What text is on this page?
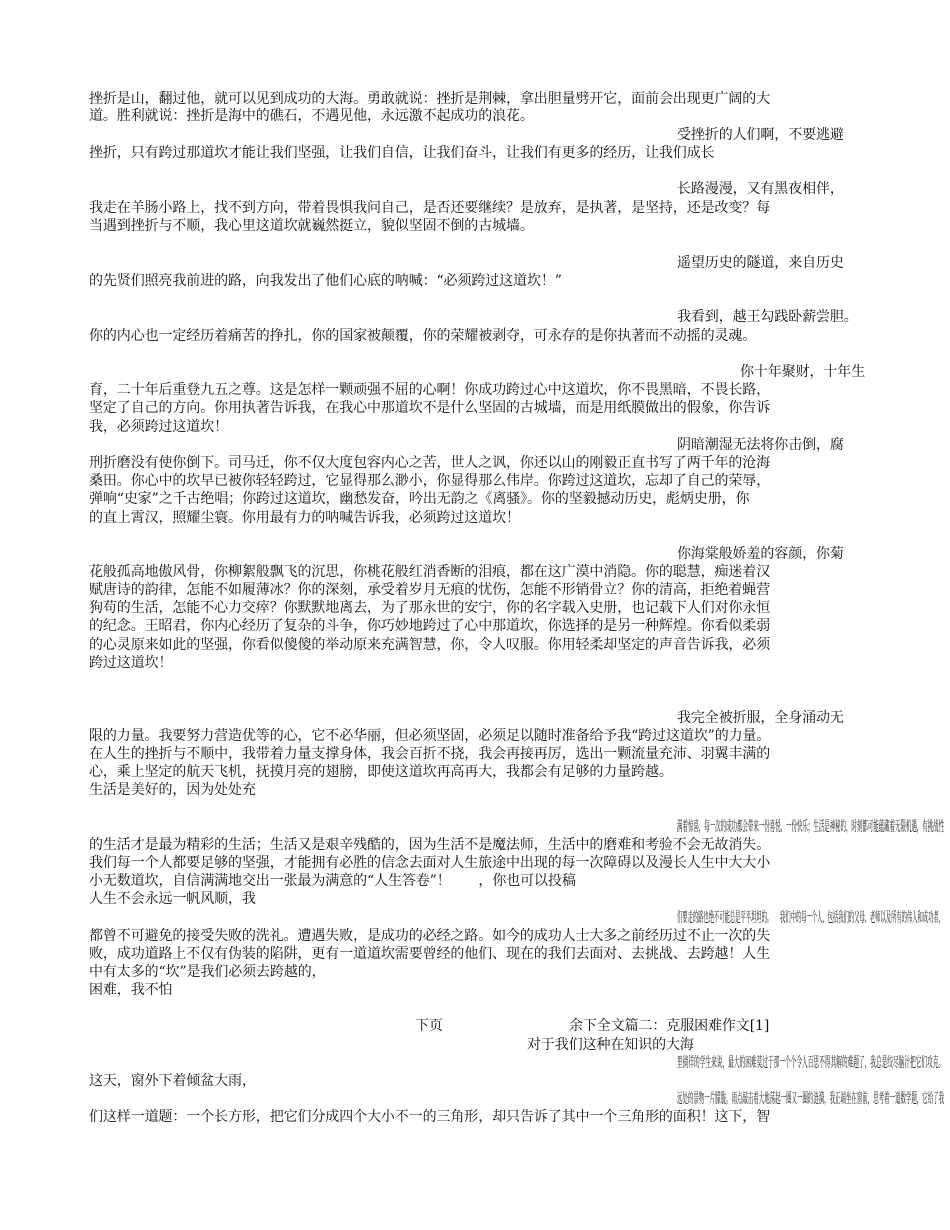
挫折是山，翻过他，就可以见到成功的大海。勇敢就说：挫折是荆棘，拿出胆量劈开它，面前会出现更广阔的大
道。胜利就说：挫折是海中的礁石，不遇见他，永远激不起成功的浪花。
受挫折的人们啊，不要逃避
挫折，只有跨过那道坎才能让我们坚强，让我们自信，让我们奋斗，让我们有更多的经历，让我们成长
长路漫漫，又有黑夜相伴，
我走在羊肠小路上，找不到方向，带着畏惧我问自己，是否还要继续？是放弃，是执著，是坚持，还是改变？每
当遇到挫折与不顺，我心里这道坎就巍然挺立，貌似坚固不倒的古城墙。
遥望历史的隧道，来自历史
的先贤们照亮我前进的路，向我发出了他们心底的呐喊：“必须跨过这道坎！”
我看到，越王勾践卧薪尝胆。
你的内心也一定经历着痛苦的挣扎，你的国家被颠覆，你的荣耀被剥夺，可永存的是你执著而不动摇的灵魂。
你十年聚财，十年生
育，二十年后重登九五之尊。这是怎样一颗顽强不屈的心啊！你成功跨过心中这道坎，你不畏黑暗，不畏长路，
坚定了自己的方向。你用执著告诉我，在我心中那道坎不是什么坚固的古城墙，而是用纸膜做出的假象，你告诉
我，必须跨过这道坎！
阴暗潮湿无法将你击倒，腐
刑折磨没有使你倒下。司马迁，你不仅大度包容内心之苦，世人之讽，你还以山的刚毅正直书写了两千年的沧海
桑田。你心中的坎早已被你轻轻跨过，它显得那么渺小，你显得那么伟岸。你跨过这道坎，忘却了自己的荣辱，
弹响“史家”之千古绝唱；你跨过这道坎，幽愁发奋，吟出无韵之《离骚》。你的坚毅撼动历史，彪炳史册，你
的直上霄汉，照耀尘寰。你用最有力的呐喊告诉我，必须跨过这道坎！
你海棠般娇羞的容颜，你菊
花般孤高地傲风骨，你柳絮般飘飞的沉思，你桃花般红消香断的泪痕，都在这广漠中消隐。你的聪慧，痴迷着汉
赋唐诗的韵律，怎能不如履薄冰？你的深刻，承受着岁月无痕的忧伤，怎能不形销骨立？你的清高，拒绝着蝇营
狗苟的生活，怎能不心力交瘁？你默默地离去，为了那永世的安宁，你的名字载入史册，也记载下人们对你永恒
的纪念。王昭君，你内心经历了复杂的斗争，你巧妙地跨过了心中那道坎，你选择的是另一种辉煌。你看似柔弱
的心灵原来如此的坚强，你看似傻傻的举动原来充满智慧，你，令人叹服。你用轻柔却坚定的声音告诉我，必须
跨过这道坎！
我完全被折服，全身涌动无
限的力量。我要努力营造优等的心，它不必华丽，但必须坚固，必须足以随时准备给予我“跨过这道坎”的力量。
在人生的挫折与不顺中，我带着力量支撑身体，我会百折不挠，我会再接再厉，选出一颗流量充沛、羽翼丰满的
心，乘上坚定的航天飞机，抚摸月亮的翅膀，即使这道坎再高再大，我都会有足够的力量跨越。
生活是美好的，因为处处充
满着惊喜，每一次的成功都会带来一份喜悦、一份快乐；生活是神秘的，时刻都可能蕴藏着无限机遇，有挑战性
的生活才是最为精彩的生活；生活又是艰辛残酷的，因为生活不是魔法师，生活中的磨难和考验不会无故消失。
我们每一个人都要足够的坚强，才能拥有必胜的信念去面对人生旅途中出现的每一次障碍以及漫长人生中大大小
小无数道坎，自信满满地交出一张最为满意的“人生答卷”！　　，你也可以投稿
人生不会永远一帆风顺，我
们要走的路也绝不可能总是平平坦坦的。　　我们中的每一个人，包括我们的父母、老师以及所有的伟人和成功者，
都曾不可避免的接受失败的洗礼。遭遇失败，是成功的必经之路。如今的成功人士大多之前经历过不止一次的失
败，成功道路上不仅有伪装的陷阱，更有一道道坎需要曾经的他们、现在的我们去面对、去挑战、去跨越！人生
中有太多的“坎”是我们必须去跨越的，
困难，我不怕
下页	余下全文篇二：克服困难作文[1]
对于我们这种在知识的大海
里徜徉的学生来说，最大的困难莫过于那一个个令人百思不得其解的难题了，我总是绞尽脑汁把它们攻克。
这天，窗外下着倾盆大雨，
远处的景物一片朦胧。雨点敲击着大地荡起一圈又一圈的涟漪，我正端坐在窗前，思考着一道数学题，它给了我
们这样一道题：一个长方形，把它们分成四个大小不一的三角形，却只告诉了其中一个三角形的面积！这下，智
